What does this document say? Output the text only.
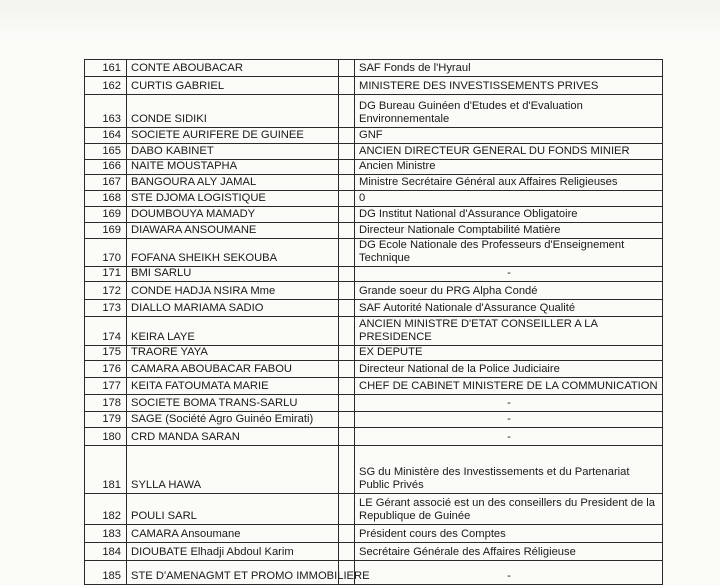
161	CONTE ABOUBACAR		SAF Fonds de l'Hyraul
162	CURTIS GABRIEL		MINISTERE DES INVESTISSEMENTS PRIVES
163	CONDE SIDIKI		DG Bureau Guinéen d'Etudes et d'Evaluation Environnementale
164	SOCIETE AURIFERE DE GUINEE		GNF
165	DABO KABINET		ANCIEN DIRECTEUR GENERAL DU FONDS MINIER
166	NAITE MOUSTAPHA		Ancien Ministre
167	BANGOURA ALY JAMAL		Ministre Secrétaire Général aux Affaires Religieuses
168	STE DJOMA LOGISTIQUE		0
169	DOUMBOUYA MAMADY		DG Institut National d'Assurance Obligatoire
169	DIAWARA ANSOUMANE		Directeur Nationale Comptabilité Matière
170	FOFANA SHEIKH SEKOUBA		DG Ecole Nationale des Professeurs d'Enseignement Technique
171	BMI SARLU		-
172	CONDE HADJA NSIRA Mme		Grande soeur du PRG Alpha Condé
173	DIALLO MARIAMA SADIO		SAF Autorité Nationale d'Assurance Qualité
174	KEIRA LAYE		ANCIEN MINISTRE D'ETAT CONSEILLER A LA PRESIDENCE
175	TRAORE YAYA		EX DEPUTE
176	CAMARA ABOUBACAR FABOU		Directeur National de la Police Judiciaire
177	KEITA FATOUMATA MARIE		CHEF DE CABINET MINISTERE DE LA COMMUNICATION
178	SOCIETE BOMA TRANS-SARLU		-
179	SAGE (Société Agro Guinéo Emirati)		-
180	CRD MANDA SARAN		-
181	SYLLA HAWA		SG du Ministère des Investissements et du Partenariat Public Privés
182	POULI SARL		LE Gérant associé est un des conseillers du President de la Republique de Guinée
183	CAMARA Ansoumane		Président cours des Comptes
184	DIOUBATE Elhadji Abdoul Karim		Secrétaire Générale des Affaires Réligieuse
185	STE D'AMENAGMT ET PROMO IMMOBILIERE		-
